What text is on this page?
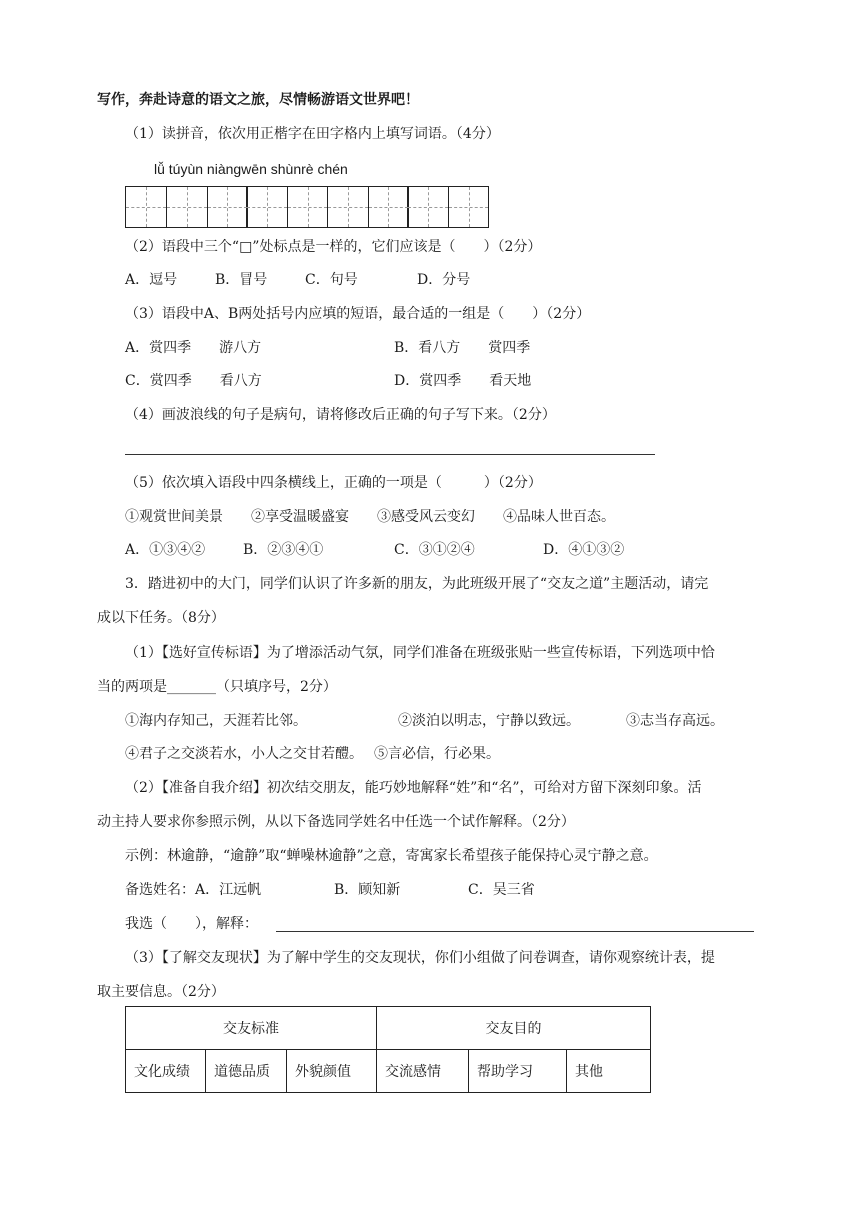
写作，奔赴诗意的语文之旅，尽情畅游语文世界吧！
（1）读拼音，依次用正楷字在田字格内上填写词语。（4分）
lǚ túyùn niàngwēn shùnrè chén
（2）语段中三个“□”处标点是一样的，它们应该是（　　）（2分）
A．逗号	B．冒号	C．句号	D．分号
（3）语段中A、B两处括号内应填的短语，最合适的一组是（　　）（2分）
A．赏四季　　游八方	B．看八方　　赏四季
C．赏四季　　看八方	D．赏四季　　看天地
（4）画波浪线的句子是病句，请将修改后正确的句子写下来。（2分）
（5）依次填入语段中四条横线上，正确的一项是（　　　）（2分）
①观赏世间美景　　②享受温暖盛宴　　③感受风云变幻　　④品味人世百态。
A．①③④②	B．②③④①	C．③①②④	D．④①③②
3．踏进初中的大门，同学们认识了许多新的朋友，为此班级开展了“交友之道”主题活动，请完
成以下任务。（8分）
（1）【选好宣传标语】为了增添活动气氛，同学们准备在班级张贴一些宣传标语，下列选项中恰
当的两项是_______（只填序号，2分）
①海内存知己，天涯若比邻。	②淡泊以明志，宁静以致远。	③志当存高远。
④君子之交淡若水，小人之交甘若醴。 ⑤言必信，行必果。
（2）【准备自我介绍】初次结交朋友，能巧妙地解释“姓”和“名”，可给对方留下深刻印象。活
动主持人要求你参照示例，从以下备选同学姓名中任选一个试作解释。（2分）
示例：林逾静，“逾静”取“蝉噪林逾静”之意，寄寓家长希望孩子能保持心灵宁静之意。
备选姓名：A．江远帆	B．顾知新	C．吴三省
我选（　　），解释：
（3）【了解交友现状】为了解中学生的交友现状，你们小组做了问卷调查，请你观察统计表，提
取主要信息。（2分）
交友标准			交友目的		
文化成绩	道德品质	外貌颜值	交流感情	帮助学习	其他
